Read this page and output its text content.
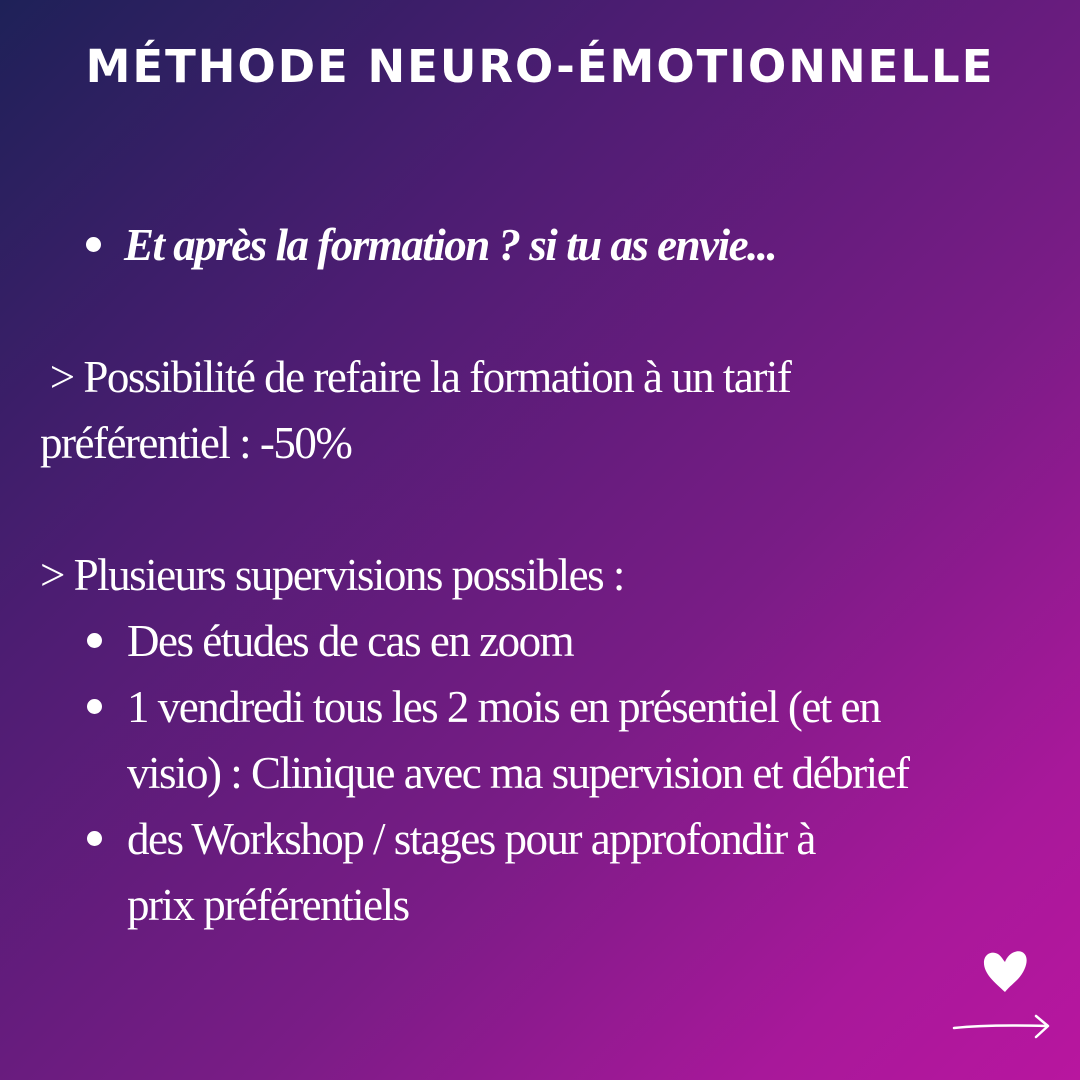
MÉTHODE NEURO-ÉMOTIONNELLE
Et après la formation ? si tu as envie...

> Possibilité de refaire la formation à un tarif
préférentiel : -50%

> Plusieurs supervisions possibles :

Des études de cas en zoom
1 vendredi tous les 2 mois en présentiel (et en
visio) : Clinique avec ma supervision et débrief
des Workshop / stages pour approfondir à
prix préférentiels
